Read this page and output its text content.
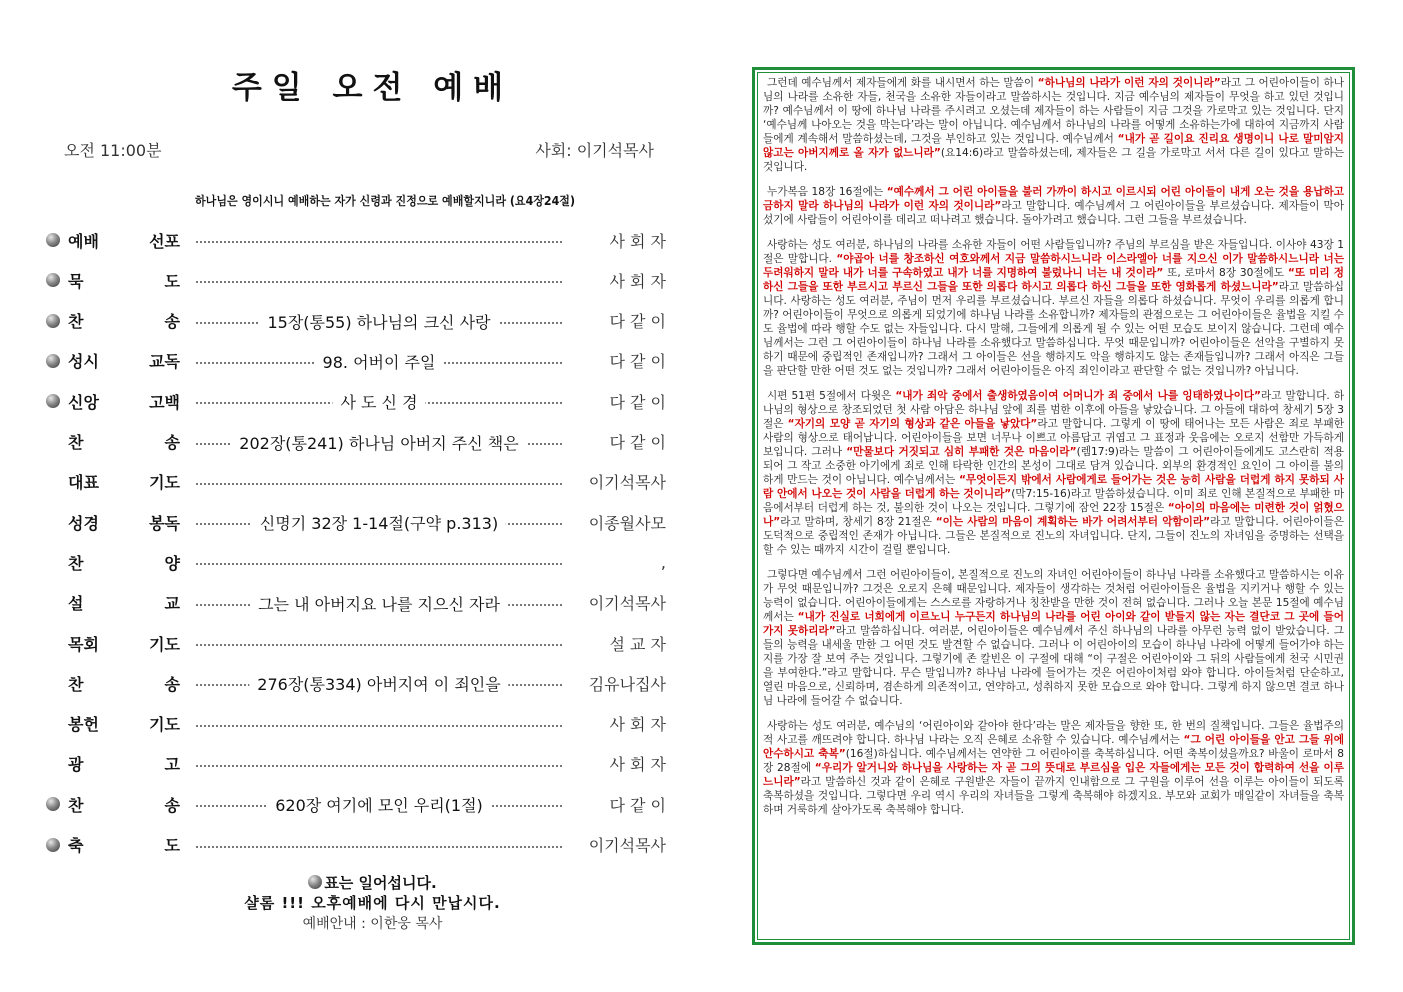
주일 오전 예배
오전 11:00분	사회: 이기석목사
하나님은 영이시니 예배하는 자가 신령과 진정으로 예배할지니라 (요4장24절)
예배	선포	사 회 자
묵	도	사 회 자
찬	송	15장(통55) 하나님의 크신 사랑	다 같 이
성시	교독	98. 어버이 주일	다 같 이
신앙	고백	사 도 신 경	다 같 이
찬	송	202장(통241) 하나님 아버지 주신 책은	다 같 이
대표	기도	이기석목사
성경	봉독	신명기 32장 1-14절(구약 p.313)	이종월사모
찬	양	,
설	교	그는 내 아버지요 나를 지으신 자라	이기석목사
목회	기도	설 교 자
찬	송	276장(통334) 아버지여 이 죄인을	김유나집사
봉헌	기도	사 회 자
광	고	사 회 자
찬	송	620장 여기에 모인 우리(1절)	다 같 이
축	도	이기석목사
표는 일어섭니다.
샬롬 !!! 오후예배에 다시 만납시다.
예배안내 : 이한웅 목사

그런데 예수님께서 제자들에게 화를 내시면서 하는 말씀이 “하나님의 나라가 이런 자의 것이니라”라고 그 어린아이들이 하나님의 나라를 소유한 자들, 천국을 소유한 자들이라고 말씀하시는 것입니다. 지금 예수님의 제자들이 무엇을 하고 있던 것입니까? 예수님께서 이 땅에 하나님 나라를 주시려고 오셨는데 제자들이 하는 사람들이 지금 그것을 가로막고 있는 것입니다. 단지 ‘예수님께 나아오는 것을 막는다’라는 말이 아닙니다. 예수님께서 하나님의 나라를 어떻게 소유하는가에 대하여 지금까지 사람들에게 계속해서 말씀하셨는데, 그것을 부인하고 있는 것입니다. 예수님께서 “내가 곧 길이요 진리요 생명이니 나로 말미암지 않고는 아버지께로 올 자가 없느니라”(요14:6)라고 말씀하셨는데, 제자들은 그 길을 가로막고 서서 다른 길이 있다고 말하는 것입니다.

누가복음 18장 16절에는 “예수께서 그 어린 아이들을 불러 가까이 하시고 이르시되 어린 아이들이 내게 오는 것을 용납하고 금하지 말라 하나님의 나라가 이런 자의 것이니라”라고 말합니다. 예수님께서 그 어린아이들을 부르셨습니다. 제자들이 막아섰기에 사람들이 어린아이를 데리고 떠나려고 했습니다. 돌아가려고 했습니다. 그런 그들을 부르셨습니다.

사랑하는 성도 여러분, 하나님의 나라를 소유한 자들이 어떤 사람들입니까? 주님의 부르심을 받은 자들입니다. 이사야 43장 1절은 말합니다. “야곱아 너를 창조하신 여호와께서 지금 말씀하시느니라 이스라엘아 너를 지으신 이가 말씀하시느니라 너는 두려워하지 말라 내가 너를 구속하였고 내가 너를 지명하여 불렀나니 너는 내 것이라” 또, 로마서 8장 30절에도 “또 미리 정하신 그들을 또한 부르시고 부르신 그들을 또한 의롭다 하시고 의롭다 하신 그들을 또한 영화롭게 하셨느니라”라고 말씀하십니다. 사랑하는 성도 여러분, 주님이 먼저 우리를 부르셨습니다. 부르신 자들을 의롭다 하셨습니다. 무엇이 우리를 의롭게 합니까? 어린아이들이 무엇으로 의롭게 되었기에 하나님 나라를 소유합니까? 제자들의 관점으로는 그 어린아이들은 율법을 지킬 수도 율법에 따라 행할 수도 없는 자들입니다. 다시 말해, 그들에게 의롭게 될 수 있는 어떤 모습도 보이지 않습니다. 그런데 예수님께서는 그런 그 어린아이들이 하나님 나라를 소유했다고 말씀하십니다. 무엇 때문입니까? 어린아이들은 선악을 구별하지 못하기 때문에 중립적인 존재입니까? 그래서 그 아이들은 선을 행하지도 악을 행하지도 않는 존재들입니까? 그래서 아직은 그들을 판단할 만한 어떤 것도 없는 것입니까? 그래서 어린아이들은 아직 죄인이라고 판단할 수 없는 것입니까? 아닙니다.

시편 51편 5절에서 다윗은 “내가 죄악 중에서 출생하였음이여 어머니가 죄 중에서 나를 잉태하였나이다”라고 말합니다. 하나님의 형상으로 창조되었던 첫 사람 아담은 하나님 앞에 죄를 범한 이후에 아들을 낳았습니다. 그 아들에 대하여 창세기 5장 3절은 “자기의 모양 곧 자기의 형상과 같은 아들을 낳았다”라고 말합니다. 그렇게 이 땅에 태어나는 모든 사람은 죄로 부패한 사람의 형상으로 태어납니다. 어린아이들을 보면 너무나 이쁘고 아름답고 귀엽고 그 표정과 웃음에는 오로지 선함만 가득하게 보입니다. 그러나 “만물보다 거짓되고 심히 부패한 것은 마음이라”(렘17:9)라는 말씀이 그 어린아이들에게도 고스란히 적용되어 그 작고 소중한 아기에게 죄로 인해 타락한 인간의 본성이 그대로 담겨 있습니다. 외부의 환경적인 요인이 그 아이를 불의하게 만드는 것이 아닙니다. 예수님께서는 “무엇이든지 밖에서 사람에게로 들어가는 것은 능히 사람을 더럽게 하지 못하되 사람 안에서 나오는 것이 사람을 더럽게 하는 것이니라”(막7:15-16)라고 말씀하셨습니다. 이미 죄로 인해 본질적으로 부패한 마음에서부터 더럽게 하는 것, 불의한 것이 나오는 것입니다. 그렇기에 잠언 22장 15절은 “아이의 마음에는 미련한 것이 얽혔으나”라고 말하며, 창세기 8장 21절은 “이는 사람의 마음이 계획하는 바가 어려서부터 악함이라”라고 말합니다. 어린아이들은 도덕적으로 중립적인 존재가 아닙니다. 그들은 본질적으로 진노의 자녀입니다. 단지, 그들이 진노의 자녀임을 증명하는 선택을 할 수 있는 때까지 시간이 걸릴 뿐입니다.

그렇다면 예수님께서 그런 어린아이들이, 본질적으로 진노의 자녀인 어린아이들이 하나님 나라를 소유했다고 말씀하시는 이유가 무엇 때문입니까? 그것은 오로지 은혜 때문입니다. 제자들이 생각하는 것처럼 어린아이들은 율법을 지키거나 행할 수 있는 능력이 없습니다. 어린아이들에게는 스스로를 자랑하거나 칭찬받을 만한 것이 전혀 없습니다. 그러나 오늘 본문 15절에 예수님께서는 “내가 진실로 너희에게 이르노니 누구든지 하나님의 나라를 어린 아이와 같이 받들지 않는 자는 결단코 그 곳에 들어가지 못하리라”라고 말씀하십니다. 여러분, 어린아이들은 예수님께서 주신 하나님의 나라를 아무런 능력 없이 받았습니다. 그들의 능력을 내세울 만한 그 어떤 것도 발견할 수 없습니다. 그러나 이 어린아이의 모습이 하나님 나라에 어떻게 들어가야 하는지를 가장 잘 보여 주는 것입니다. 그렇기에 존 칼빈은 이 구절에 대해 “이 구절은 어린아이와 그 뒤의 사람들에게 천국 시민권을 부여한다.”라고 말합니다. 무슨 말입니까? 하나님 나라에 들어가는 것은 어린아이처럼 와야 합니다. 아이들처럼 단순하고, 열린 마음으로, 신뢰하며, 겸손하게 의존적이고, 연약하고, 성취하지 못한 모습으로 와야 합니다. 그렇게 하지 않으면 결코 하나님 나라에 들어갈 수 없습니다.

사랑하는 성도 여러분, 예수님의 ‘어린아이와 같아야 한다’라는 말은 제자들을 향한 또, 한 번의 질책입니다. 그들은 율법주의적 사고를 깨뜨려야 합니다. 하나님 나라는 오직 은혜로 소유할 수 있습니다. 예수님께서는 “그 어린 아이들을 안고 그들 위에 안수하시고 축복”(16절)하십니다. 예수님께서는 연약한 그 어린아이를 축복하십니다. 어떤 축복이셨을까요? 바울이 로마서 8장 28절에 “우리가 알거니와 하나님을 사랑하는 자 곧 그의 뜻대로 부르심을 입은 자들에게는 모든 것이 합력하여 선을 이루느니라”라고 말씀하신 것과 같이 은혜로 구원받은 자들이 끝까지 인내함으로 그 구원을 이루어 선을 이루는 아이들이 되도록 축복하셨을 것입니다. 그렇다면 우리 역시 우리의 자녀들을 그렇게 축복해야 하겠지요. 부모와 교회가 매일같이 자녀들을 축복하며 거룩하게 살아가도록 축복해야 합니다.
